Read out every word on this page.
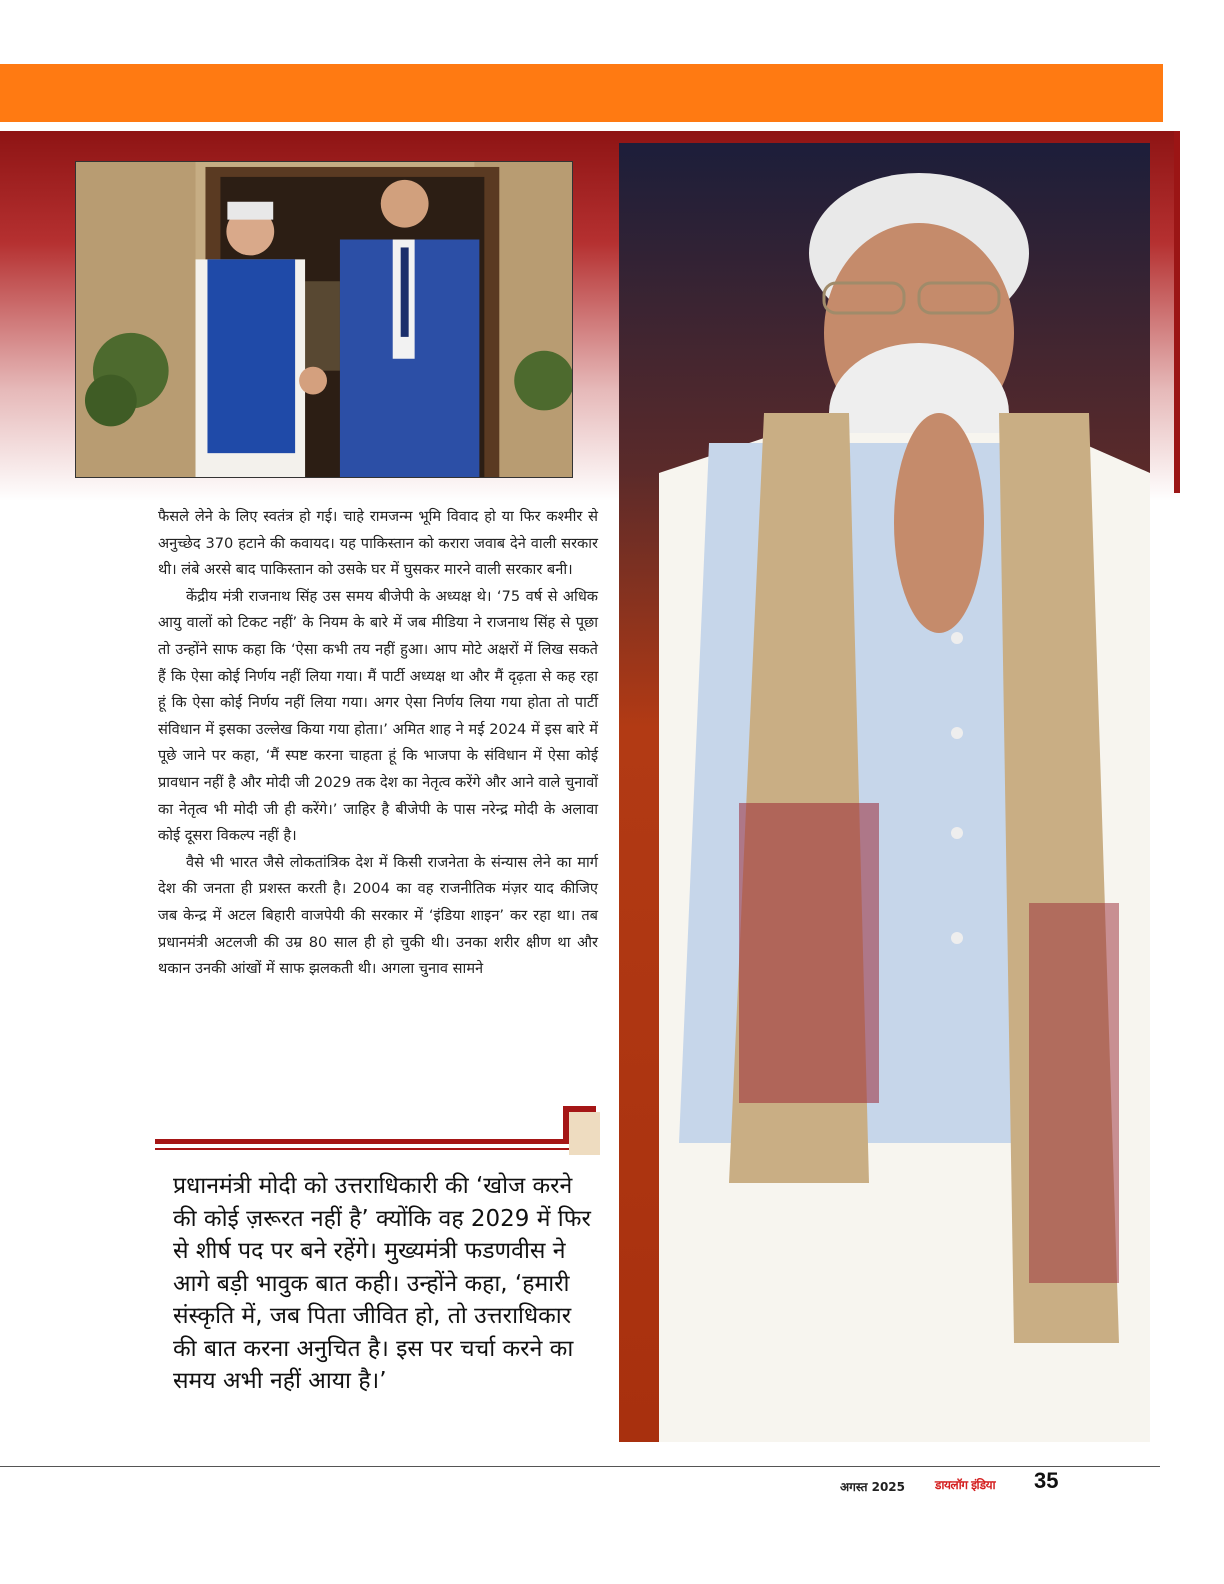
फैसले लेने के लिए स्वतंत्र हो गई। चाहे रामजन्म भूमि विवाद हो या फिर कश्मीर से अनुच्छेद 370 हटाने की कवायद। यह पाकिस्तान को करारा जवाब देने वाली सरकार थी। लंबे अरसे बाद पाकिस्तान को उसके घर में घुसकर मारने वाली सरकार बनी।

केंद्रीय मंत्री राजनाथ सिंह उस समय बीजेपी के अध्यक्ष थे। ‘75 वर्ष से अधिक आयु वालों को टिकट नहीं’ के नियम के बारे में जब मीडिया ने राजनाथ सिंह से पूछा तो उन्होंने साफ कहा कि ‘ऐसा कभी तय नहीं हुआ। आप मोटे अक्षरों में लिख सकते हैं कि ऐसा कोई निर्णय नहीं लिया गया। मैं पार्टी अध्यक्ष था और मैं दृढ़ता से कह रहा हूं कि ऐसा कोई निर्णय नहीं लिया गया। अगर ऐसा निर्णय लिया गया होता तो पार्टी संविधान में इसका उल्लेख किया गया होता।’ अमित शाह ने मई 2024 में इस बारे में पूछे जाने पर कहा, ‘मैं स्पष्ट करना चाहता हूं कि भाजपा के संविधान में ऐसा कोई प्रावधान नहीं है और मोदी जी 2029 तक देश का नेतृत्व करेंगे और आने वाले चुनावों का नेतृत्व भी मोदी जी ही करेंगे।’ जाहिर है बीजेपी के पास नरेन्द्र मोदी के अलावा कोई दूसरा विकल्प नहीं है।

वैसे भी भारत जैसे लोकतांत्रिक देश में किसी राजनेता के संन्यास लेने का मार्ग देश की जनता ही प्रशस्त करती है। 2004 का वह राजनीतिक मंज़र याद कीजिए जब केन्द्र में अटल बिहारी वाजपेयी की सरकार में ‘इंडिया शाइन’ कर रहा था। तब प्रधानमंत्री अटलजी की उम्र 80 साल ही हो चुकी थी। उनका शरीर क्षीण था और थकान उनकी आंखों में साफ झलकती थी। अगला चुनाव सामने

प्रधानमंत्री मोदी को उत्तराधिकारी की ‘खोज करने की कोई ज़रूरत नहीं है’ क्योंकि वह 2029 में फिर से शीर्ष पद पर बने रहेंगे। मुख्यमंत्री फडणवीस ने आगे बड़ी भावुक बात कही। उन्होंने कहा, ‘हमारी संस्कृति में, जब पिता जीवित हो, तो उत्तराधिकार की बात करना अनुचित है। इस पर चर्चा करने का समय अभी नहीं आया है।’
अगस्त 2025 डायलॉग इंडिया 35
